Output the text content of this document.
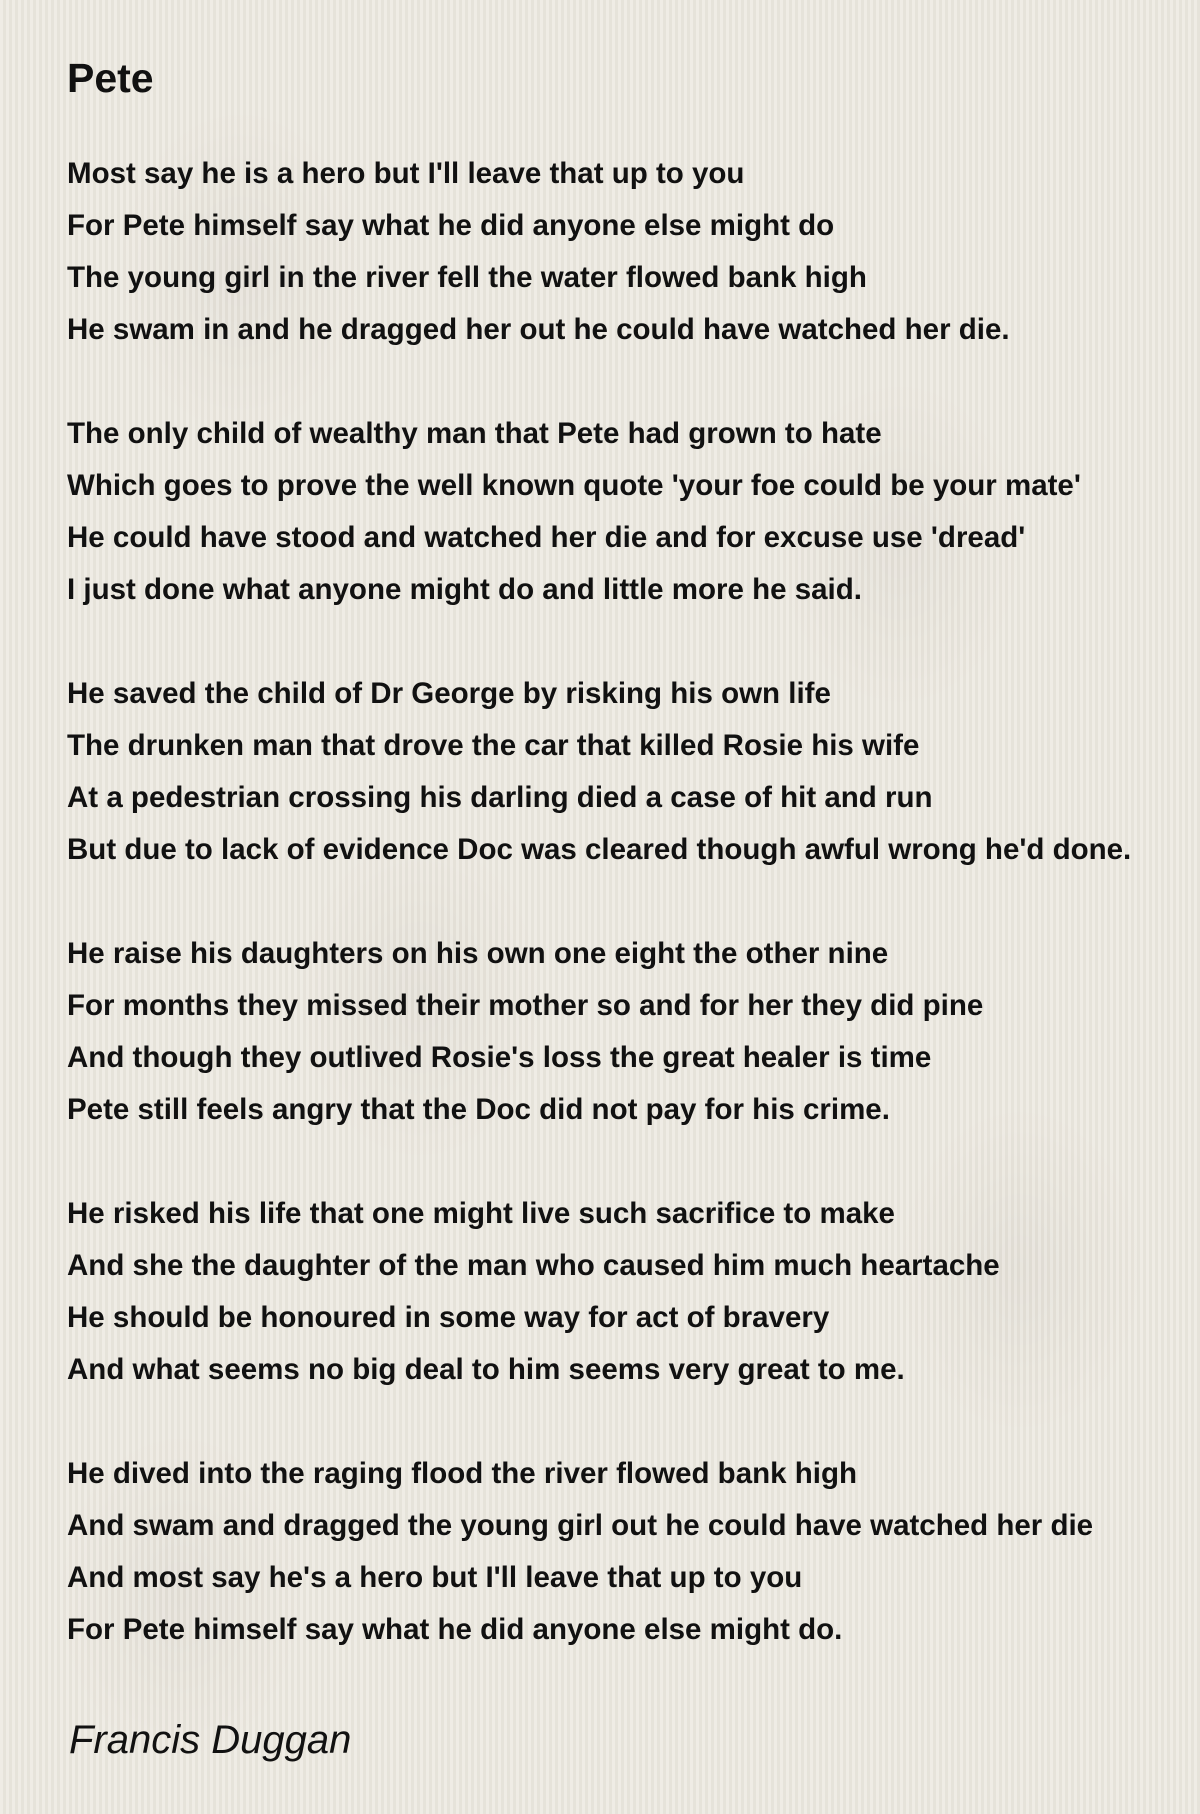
Pete
Most say he is a hero but I'll leave that up to you
For Pete himself say what he did anyone else might do
The young girl in the river fell the water flowed bank high
He swam in and he dragged her out he could have watched her die.
The only child of wealthy man that Pete had grown to hate
Which goes to prove the well known quote 'your foe could be your mate'
He could have stood and watched her die and for excuse use 'dread'
I just done what anyone might do and little more he said.
He saved the child of Dr George by risking his own life
The drunken man that drove the car that killed Rosie his wife
At a pedestrian crossing his darling died a case of hit and run
But due to lack of evidence Doc was cleared though awful wrong he'd done.
He raise his daughters on his own one eight the other nine
For months they missed their mother so and for her they did pine
And though they outlived Rosie's loss the great healer is time
Pete still feels angry that the Doc did not pay for his crime.
He risked his life that one might live such sacrifice to make
And she the daughter of the man who caused him much heartache
He should be honoured in some way for act of bravery
And what seems no big deal to him seems very great to me.
He dived into the raging flood the river flowed bank high
And swam and dragged the young girl out he could have watched her die
And most say he's a hero but I'll leave that up to you
For Pete himself say what he did anyone else might do.

Francis Duggan
